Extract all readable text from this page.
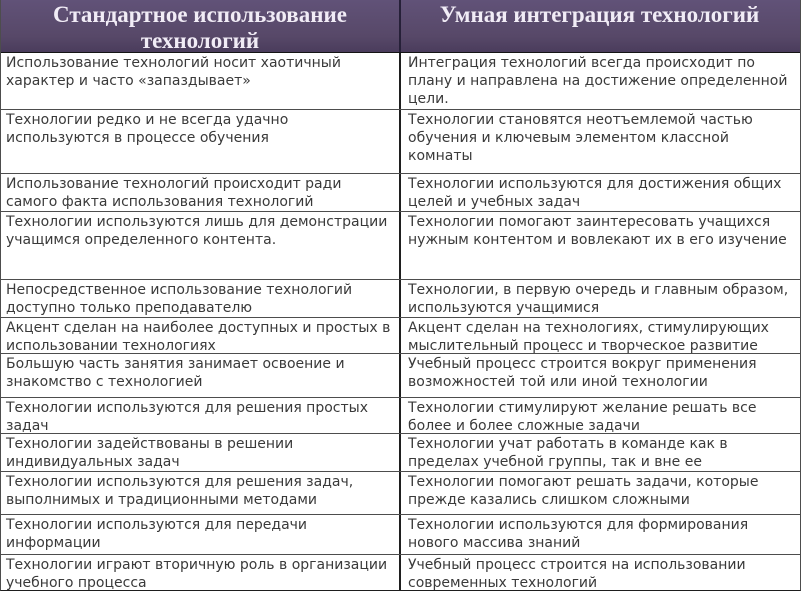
Стандартное использование технологий
Умная интеграция технологий
Использование технологий носит хаотичный характер и часто «запаздывает»
Интеграция технологий всегда происходит по плану и направлена на достижение определенной цели.
Технологии редко и не всегда удачно используются в процессе обучения
Технологии становятся неотъемлемой частью обучения и ключевым элементом классной комнаты
Использование технологий происходит ради самого факта использования технологий
Технологии используются для достижения общих целей и учебных задач
Технологии используются лишь для демонстрации учащимся определенного контента.
Технологии помогают заинтересовать учащихся нужным контентом и вовлекают их в его изучение
Непосредственное использование технологий доступно только преподавателю
Технологии, в первую очередь и главным образом, используются учащимися
Акцент сделан на наиболее доступных и простых в использовании технологиях
Акцент сделан на технологиях, стимулирующих мыслительный процесс и творческое развитие
Большую часть занятия занимает освоение и знакомство с технологией
Учебный процесс строится вокруг применения возможностей той или иной технологии
Технологии используются для решения простых задач
Технологии стимулируют желание решать все более и более сложные задачи
Технологии задействованы в решении индивидуальных задач
Технологии учат работать в команде как в пределах учебной группы, так и вне ее
Технологии используются для решения задач, выполнимых и традиционными методами
Технологии помогают решать задачи, которые прежде казались слишком сложными
Технологии используются для передачи информации
Технологии используются для формирования нового массива знаний
Технологии играют вторичную роль в организации учебного процесса
Учебный процесс строится на использовании современных технологий
